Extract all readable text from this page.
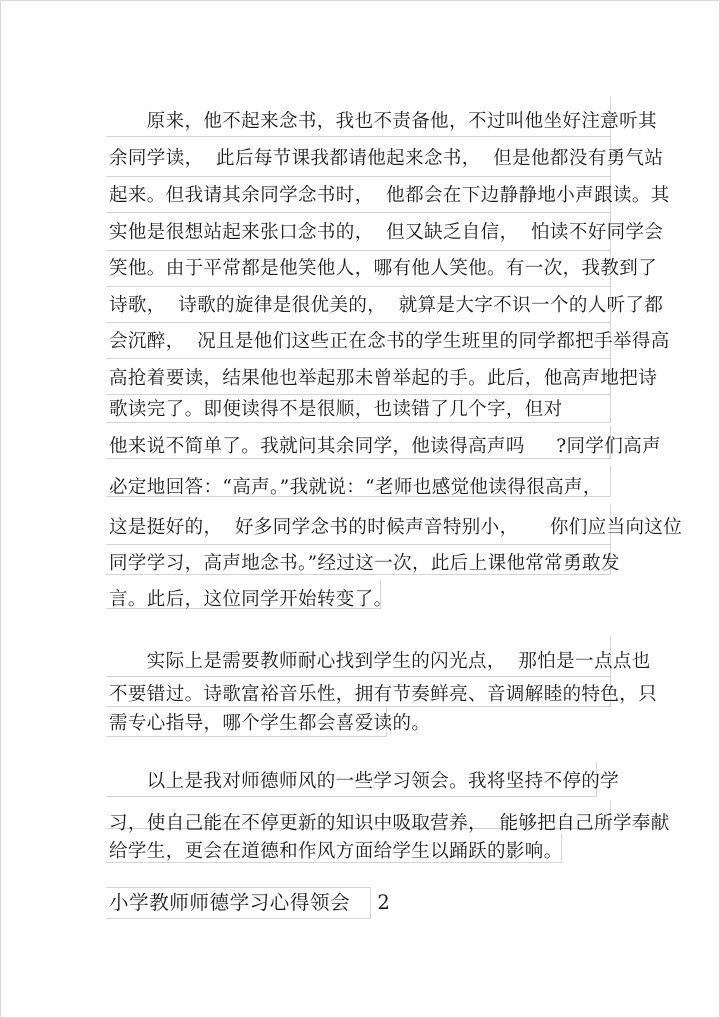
原来，他不起来念书，我也不责备他，不过叫他坐好注意听其
余同学读，  此后每节课我都请他起来念书，  但是他都没有勇气站
起来。但我请其余同学念书时，  他都会在下边静静地小声跟读。其
实他是很想站起来张口念书的，  但又缺乏自信，  怕读不好同学会
笑他。由于平常都是他笑他人，哪有他人笑他。有一次，我教到了
诗歌，  诗歌的旋律是很优美的，  就算是大字不识一个的人听了都
会沉醉，  况且是他们这些正在念书的学生班里的同学都把手举得高
高抢着要读，结果他也举起那未曾举起的手。此后，他高声地把诗
歌读完了。即便读得不是很顺，也读错了几个字，但对
他来说不简单了。我就问其余同学，他读得高声吗     ?同学们高声
必定地回答：“高声。”我就说：“老师也感觉他读得很高声，
这是挺好的，  好多同学念书的时候声音特别小，     你们应当向这位
同学学习，高声地念书。”经过这一次，此后上课他常常勇敢发
言。此后，这位同学开始转变了。
实际上是需要教师耐心找到学生的闪光点，  那怕是一点点也
不要错过。诗歌富裕音乐性，拥有节奏鲜亮、音调解睦的特色，只
需专心指导，哪个学生都会喜爱读的。
以上是我对师德师风的一些学习领会。我将坚持不停的学
习，使自己能在不停更新的知识中吸取营养，  能够把自己所学奉献
给学生，更会在道德和作风方面给学生以踊跃的影响。
小学教师师德学习心得领会    2
